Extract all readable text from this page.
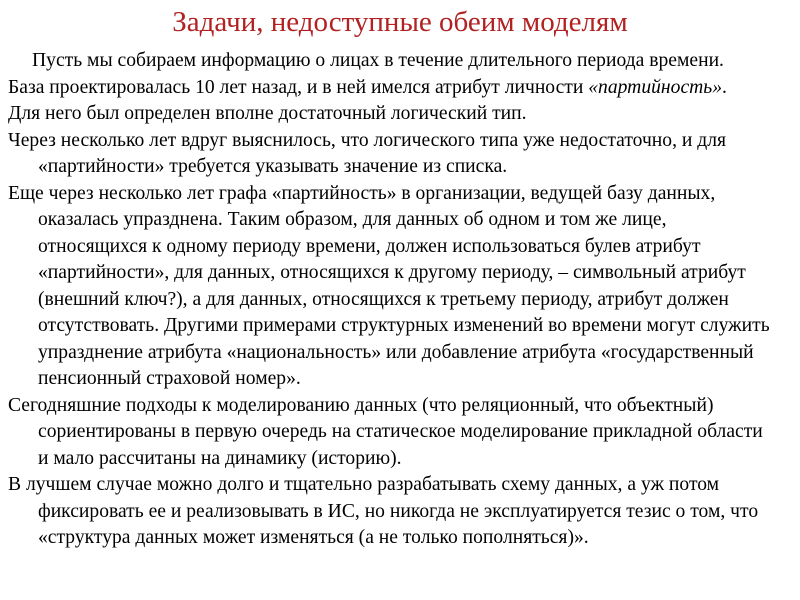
Задачи, недоступные обеим моделям

Пусть мы собираем информацию о лицах в течение длительного периода времени.

База проектировалась 10 лет назад, и в ней имелся атрибут личности «партийность».

Для него был определен вполне достаточный логический тип.

Через несколько лет вдруг выяснилось, что логического типа уже недостаточно, и для «партийности» требуется указывать значение из списка.

Еще через несколько лет графа «партийность» в организации, ведущей базу данных, оказалась упразднена. Таким образом, для данных об одном и том же лице, относящихся к одному периоду времени, должен использоваться булев атрибут «партийности», для данных, относящихся к другому периоду, – символьный атрибут (внешний ключ?), а для данных, относящихся к третьему периоду, атрибут должен отсутствовать. Другими примерами структурных изменений во времени могут служить упразднение атрибута «национальность» или добавление атрибута «государственный пенсионный страховой номер».

Сегодняшние подходы к моделированию данных (что реляционный, что объектный) сориентированы в первую очередь на статическое моделирование прикладной области и мало рассчитаны на динамику (историю).

В лучшем случае можно долго и тщательно разрабатывать схему данных, а уж потом фиксировать ее и реализовывать в ИС, но никогда не эксплуатируется тезис о том, что «структура данных может изменяться (а не только пополняться)».
